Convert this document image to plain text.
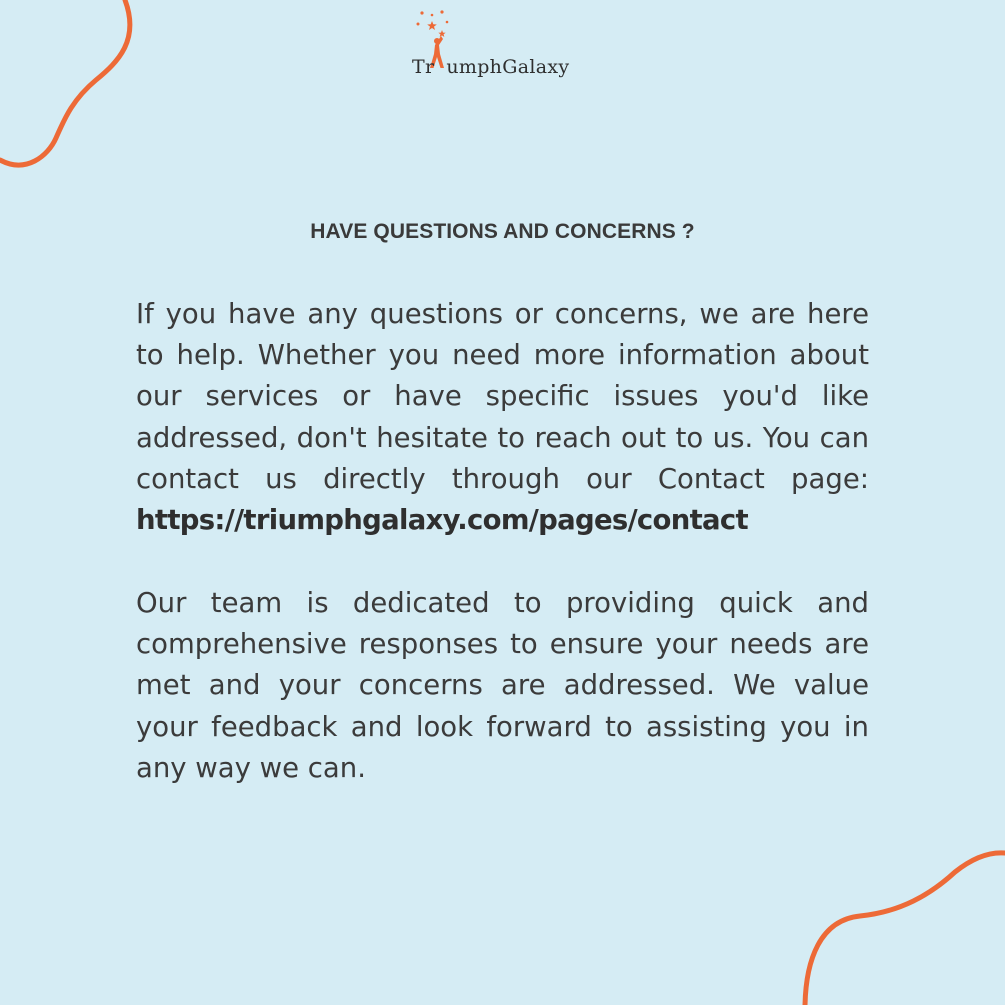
Tr umphGalaxy
HAVE QUESTIONS AND CONCERNS ?

If you have any questions or concerns, we are here to help. Whether you need more information about our services or have specific issues you'd like addressed, don't hesitate to reach out to us. You can contact us directly through our Contact page: https://triumphgalaxy.com/pages/contact

Our team is dedicated to providing quick and comprehensive responses to ensure your needs are met and your concerns are addressed. We value your feedback and look forward to assisting you in any way we can.
